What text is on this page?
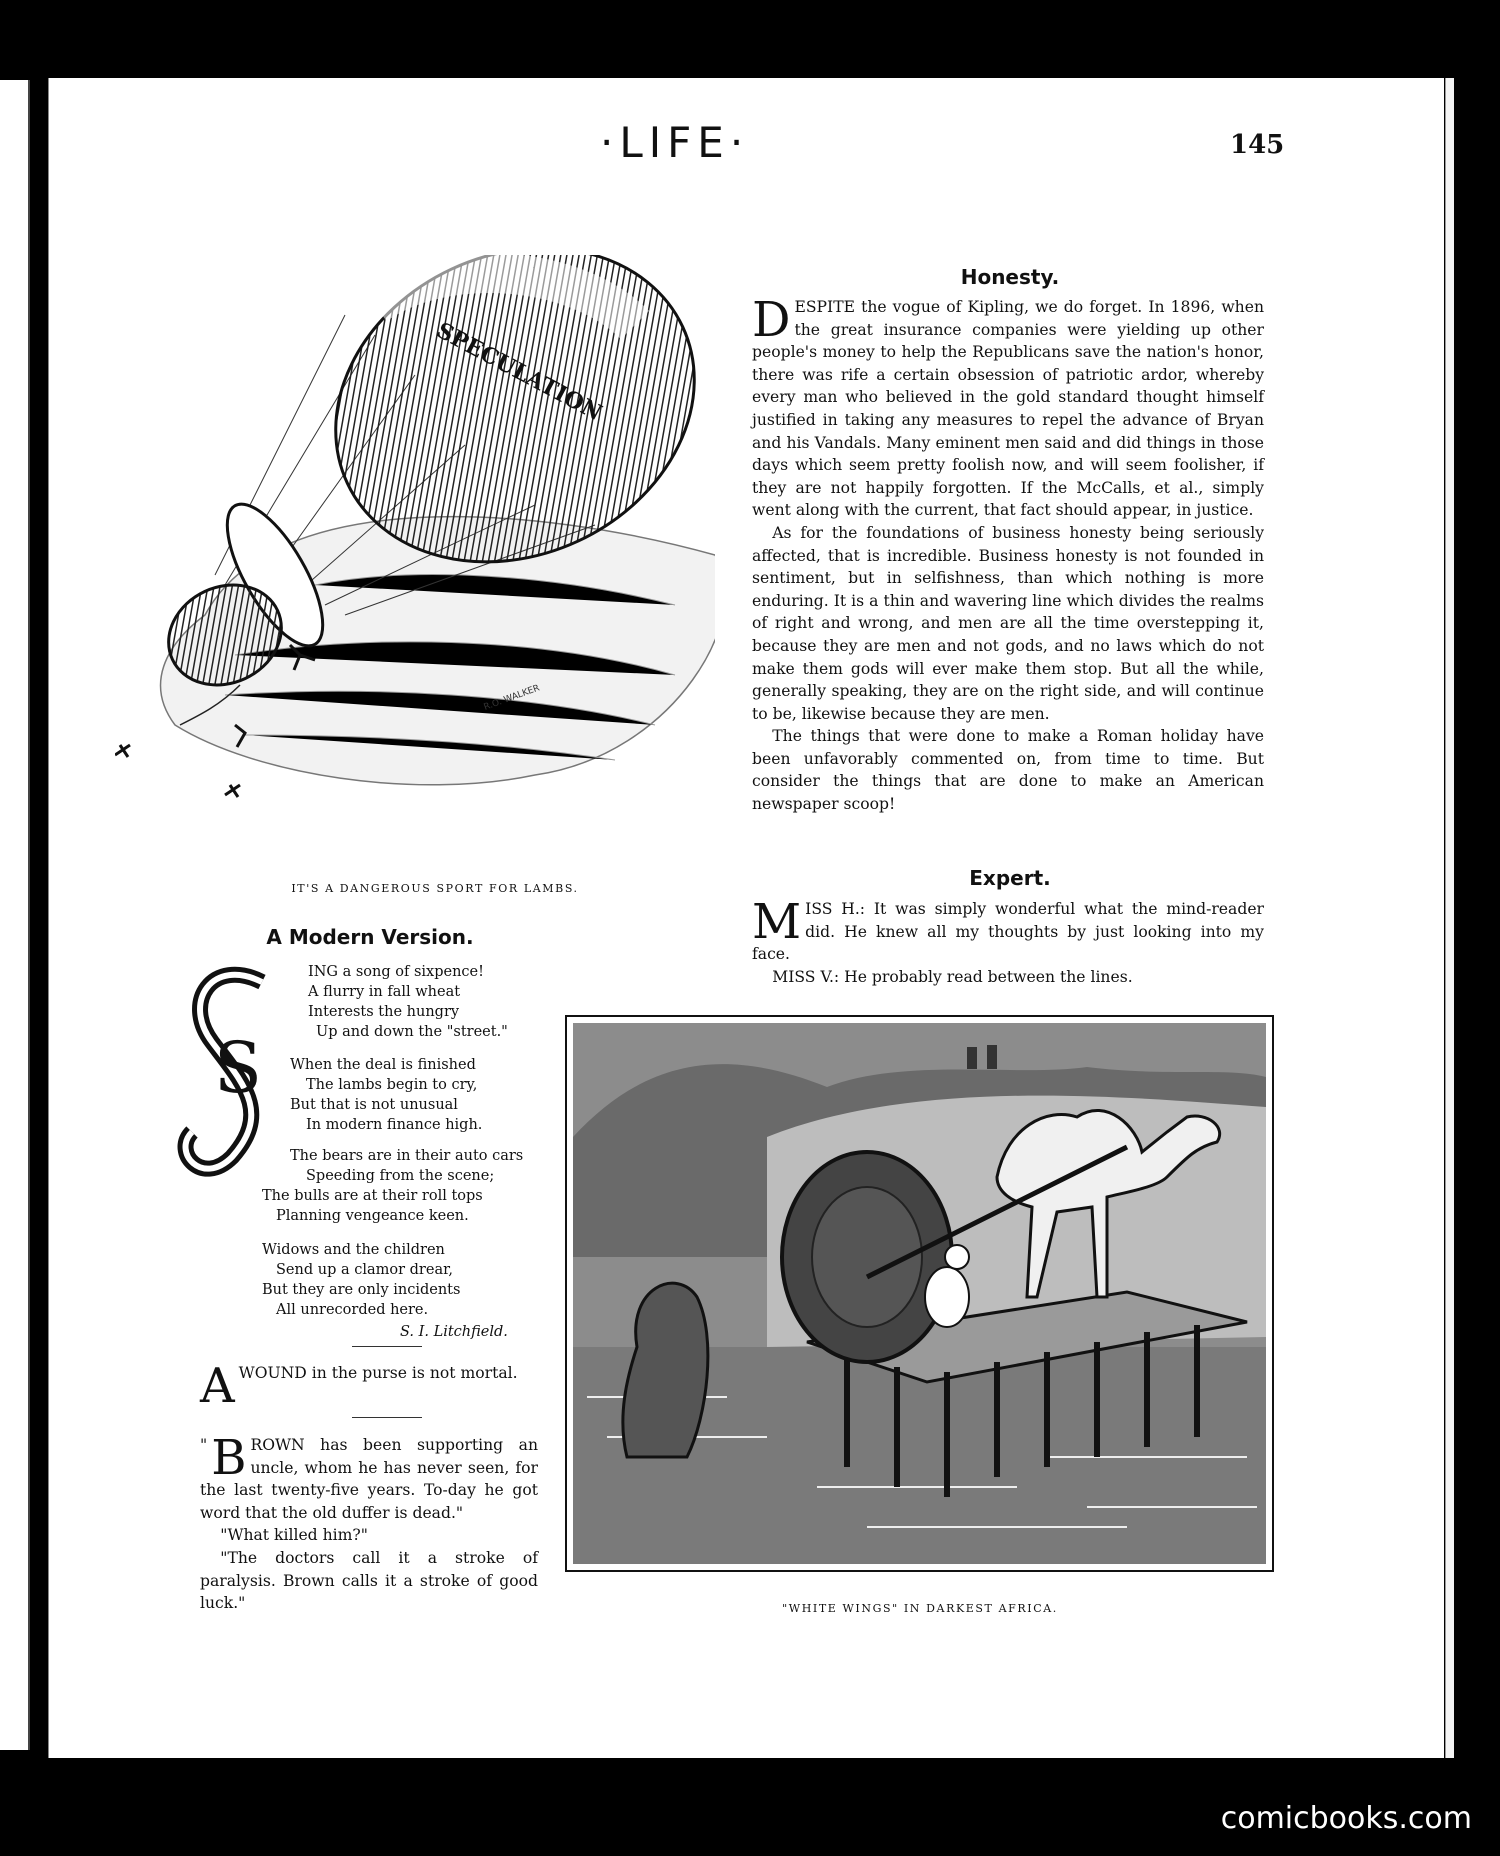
·LIFE·	145
SPECULATION
R.O. WALKER
IT'S A DANGEROUS SPORT FOR LAMBS.
Honesty.

DESPITE the vogue of Kipling, we do forget. In 1896, when the great insurance companies were yielding up other people's money to help the Republicans save the nation's honor, there was rife a certain obsession of patriotic ardor, whereby every man who believed in the gold standard thought himself justified in taking any measures to repel the advance of Bryan and his Vandals. Many eminent men said and did things in those days which seem pretty foolish now, and will seem foolisher, if they are not happily forgotten. If the McCalls, et al., simply went along with the current, that fact should appear, in justice.

As for the foundations of business honesty being seriously affected, that is incredible. Business honesty is not founded in sentiment, but in selfishness, than which nothing is more enduring. It is a thin and wavering line which divides the realms of right and wrong, and men are all the time overstepping it, because they are men and not gods, and no laws which do not make them gods will ever make them stop. But all the while, generally speaking, they are on the right side, and will continue to be, likewise because they are men.

The things that were done to make a Roman holiday have been unfavorably commented on, from time to time. But consider the things that are done to make an American newspaper scoop!

Expert.

MISS H.: It was simply wonderful what the mind-reader did. He knew all my thoughts by just looking into my face.

MISS V.: He probably read between the lines.

A Modern Version.
S
ING a song of sixpence!
A flurry in fall wheat
Interests the hungry
Up and down the "street."
When the deal is finished
The lambs begin to cry,
But that is not unusual
In modern finance high.
The bears are in their auto cars
Speeding from the scene;
The bulls are at their roll tops
Planning vengeance keen.
Widows and the children
Send up a clamor drear,
But they are only incidents
All unrecorded here.
S. I. Litchfield.

AWOUND in the purse is not mortal.

" B ROWN has been supporting an uncle, whom he has never seen, for the last twenty-five years. To-day he got word that the old duffer is dead."

"What killed him?"

"The doctors call it a stroke of paralysis. Brown calls it a stroke of good luck."	"WHITE WINGS" IN DARKEST AFRICA.
comicbooks.com
